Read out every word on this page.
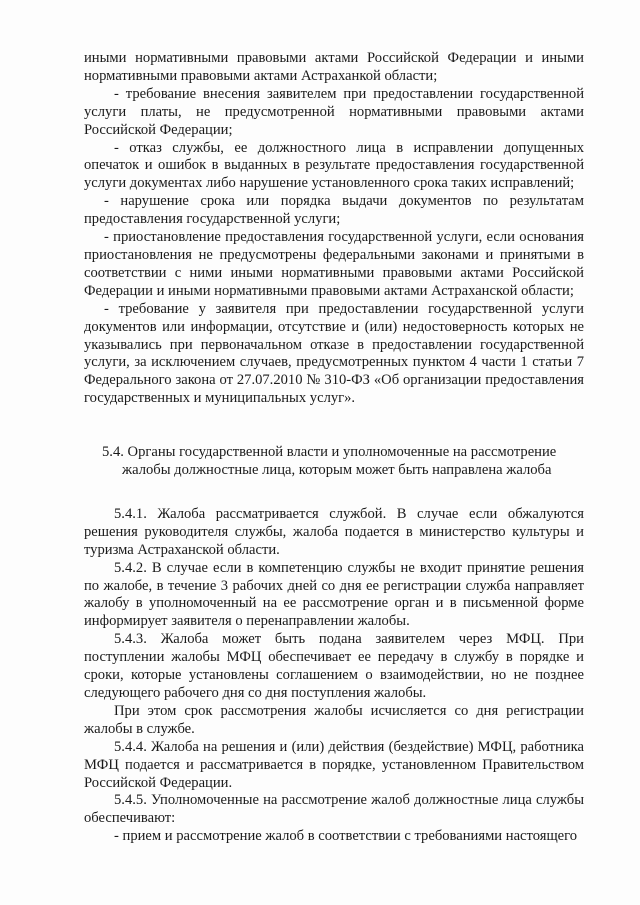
иными нормативными правовыми актами Российской Федерации и иными нормативными правовыми актами Астраханкой области;

- требование внесения заявителем при предоставлении государственной услуги платы, не предусмотренной нормативными правовыми актами Российской Федерации;

- отказ службы, ее должностного лица в исправлении допущенных опечаток и ошибок в выданных в результате предоставления государственной услуги документах либо нарушение установленного срока таких исправлений;

- нарушение срока или порядка выдачи документов по результатам предоставления государственной услуги;

- приостановление предоставления государственной услуги, если основания приостановления не предусмотрены федеральными законами и принятыми в соответствии с ними иными нормативными правовыми актами Российской Федерации и иными нормативными правовыми актами Астраханской области;

- требование у заявителя при предоставлении государственной услуги документов или информации, отсутствие и (или) недостоверность которых не указывались при первоначальном отказе в предоставлении государственной услуги, за исключением случаев, предусмотренных пунктом 4 части 1 статьи 7 Федерального закона от 27.07.2010 № 310-ФЗ «Об организации предоставления государственных и муниципальных услуг».

5.4. Органы государственной власти и уполномоченные на рассмотрение
жалобы должностные лица, которым может быть направлена жалоба

5.4.1. Жалоба рассматривается службой. В случае если обжалуются решения руководителя службы, жалоба подается в министерство культуры и туризма Астраханской области.

5.4.2. В случае если в компетенцию службы не входит принятие решения по жалобе, в течение 3 рабочих дней со дня ее регистрации служба направляет жалобу в уполномоченный на ее рассмотрение орган и в письменной форме информирует заявителя о перенаправлении жалобы.

5.4.3. Жалоба может быть подана заявителем через МФЦ. При поступлении жалобы МФЦ обеспечивает ее передачу в службу в порядке и сроки, которые установлены соглашением о взаимодействии, но не позднее следующего рабочего дня со дня поступления жалобы.

При этом срок рассмотрения жалобы исчисляется со дня регистрации жалобы в службе.

5.4.4. Жалоба на решения и (или) действия (бездействие) МФЦ, работника МФЦ подается и рассматривается в порядке, установленном Правительством Российской Федерации.

5.4.5. Уполномоченные на рассмотрение жалоб должностные лица службы обеспечивают:

- прием и рассмотрение жалоб в соответствии с требованиями настоящего
